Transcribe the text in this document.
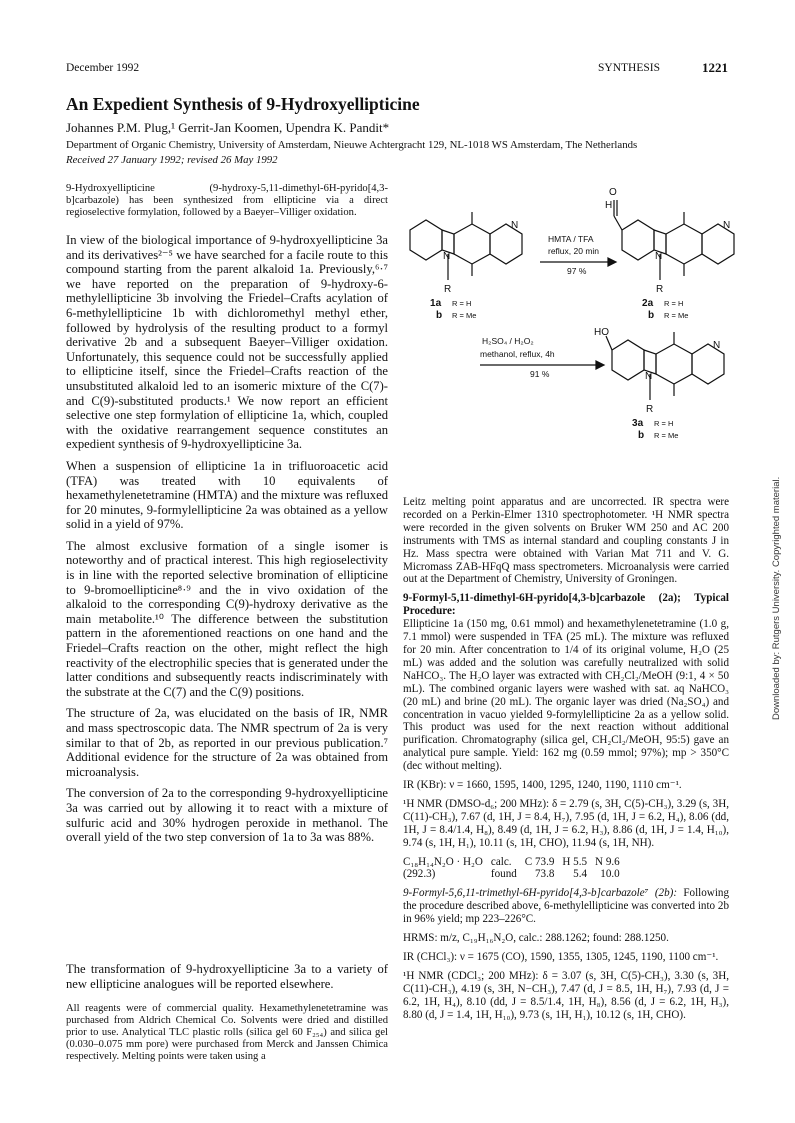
December 1992	SYNTHESIS	1221
An Expedient Synthesis of 9-Hydroxyellipticine
Johannes P.M. Plug,¹ Gerrit-Jan Koomen, Upendra K. Pandit*
Department of Organic Chemistry, University of Amsterdam, Nieuwe Achtergracht 129, NL-1018 WS Amsterdam, The Netherlands
Received 27 January 1992; revised 26 May 1992
9-Hydroxyellipticine (9-hydroxy-5,11-dimethyl-6H-pyrido[4,3-b]carbazole) has been synthesized from ellipticine via a direct regioselective formylation, followed by a Baeyer–Villiger oxidation.

In view of the biological importance of 9-hydroxyellipticine 3a and its derivatives²⁻⁵ we have searched for a facile route to this compound starting from the parent alkaloid 1a. Previously,⁶·⁷ we have reported on the preparation of 9-hydroxy-6-methylellipticine 3b involving the Friedel–Crafts acylation of 6-methylellipticine 1b with dichloromethyl methyl ether, followed by hydrolysis of the resulting product to a formyl derivative 2b and a subsequent Baeyer–Villiger oxidation. Unfortunately, this sequence could not be successfully applied to ellipticine itself, since the Friedel–Crafts reaction of the unsubstituted alkaloid led to an isomeric mixture of the C(7)- and C(9)-substituted products.¹ We now report an efficient selective one step formylation of ellipticine 1a, which, coupled with the oxidative rearrangement sequence constitutes an expedient synthesis of 9-hydroxyellipticine 3a.

When a suspension of ellipticine 1a in trifluoroacetic acid (TFA) was treated with 10 equivalents of hexamethylenetetramine (HMTA) and the mixture was refluxed for 20 minutes, 9-formylellipticine 2a was obtained as a yellow solid in a yield of 97%.

The almost exclusive formation of a single isomer is noteworthy and of practical interest. This high regioselectivity is in line with the reported selective bromination of ellipticine to 9-bromoellipticine⁸·⁹ and the in vivo oxidation of the alkaloid to the corresponding C(9)-hydroxy derivative as the main metabolite.¹⁰ The difference between the substitution pattern in the aforementioned reactions on one hand and the Friedel–Crafts reaction on the other, might reflect the high reactivity of the electrophilic species that is generated under the latter conditions and subsequently reacts indiscriminately with the substrate at the C(7) and the C(9) positions.

The structure of 2a, was elucidated on the basis of IR, NMR and mass spectroscopic data. The NMR spectrum of 2a is very similar to that of 2b, as reported in our previous publication.⁷ Additional evidence for the structure of 2a was obtained from microanalysis.

The conversion of 2a to the corresponding 9-hydroxyellipticine 3a was carried out by allowing it to react with a mixture of sulfuric acid and 30% hydrogen peroxide in methanol. The overall yield of the two step conversion of 1a to 3a was 88%.

The transformation of 9-hydroxyellipticine 3a to a variety of new ellipticine analogues will be reported elsewhere.
All reagents were of commercial quality. Hexamethylenetetramine was purchased from Aldrich Chemical Co. Solvents were dried and distilled prior to use. Analytical TLC plastic rolls (silica gel 60 F₂₅₄) and silica gel (0.030–0.075 mm pore) were purchased from Merck and Janssen Chimica respectively. Melting points were taken using a
N
N
R
N
N
R
H
O
N
N
R
HO
HMTA / TFA
reflux, 20 min
97 %
H₂SO₄ / H₂O₂
methanol, reflux, 4h
91 %
1a R = H
b R = Me
2a R = H
b R = Me
3a R = H
b R = Me

Leitz melting point apparatus and are uncorrected. IR spectra were recorded on a Perkin-Elmer 1310 spectrophotometer. ¹H NMR spectra were recorded in the given solvents on Bruker WM 250 and AC 200 instruments with TMS as internal standard and coupling constants J in Hz. Mass spectra were obtained with Varian Mat 711 and V. G. Micromass ZAB-HFqQ mass spectrometers. Microanalysis were carried out at the Department of Chemistry, University of Groningen.

9-Formyl-5,11-dimethyl-6H-pyrido[4,3-b]carbazole (2a); Typical Procedure:

Ellipticine 1a (150 mg, 0.61 mmol) and hexamethylenetetramine (1.0 g, 7.1 mmol) were suspended in TFA (25 mL). The mixture was refluxed for 20 min. After concentration to 1/4 of its original volume, H₂O (25 mL) was added and the solution was carefully neutralized with solid NaHCO₃. The H₂O layer was extracted with CH₂Cl₂/MeOH (9:1, 4 × 50 mL). The combined organic layers were washed with sat. aq NaHCO₃ (20 mL) and brine (20 mL). The organic layer was dried (Na₂SO₄) and concentration in vacuo yielded 9-formylellipticine 2a as a yellow solid. This product was used for the next reaction without additional purification. Chromatography (silica gel, CH₂Cl₂/MeOH, 95:5) gave an analytical pure sample. Yield: 162 mg (0.59 mmol; 97%); mp > 350°C (dec without melting).

IR (KBr): ν = 1660, 1595, 1400, 1295, 1240, 1190, 1110 cm⁻¹.

¹H NMR (DMSO-d₆; 200 MHz): δ = 2.79 (s, 3H, C(5)-CH₃), 3.29 (s, 3H, C(11)-CH₃), 7.67 (d, 1H, J = 8.4, H₇), 7.95 (d, 1H, J = 6.2, H₄), 8.06 (dd, 1H, J = 8.4/1.4, H₈), 8.49 (d, 1H, J = 6.2, H₃), 8.86 (d, 1H, J = 1.4, H₁₀), 9.74 (s, 1H, H₁), 10.11 (s, 1H, CHO), 11.94 (s, 1H, NH).

C₁₈H₁₄N₂O · H₂O	calc.	C 73.9	H 5.5	N 9.6
(292.3)	found	73.8	5.4	10.0

9-Formyl-5,6,11-trimethyl-6H-pyrido[4,3-b]carbazole⁷ (2b): Following the procedure described above, 6-methylellipticine was converted into 2b in 96% yield; mp 223–226°C.

HRMS: m/z, C₁₉H₁₆N₂O, calc.: 288.1262; found: 288.1250.

IR (CHCl₃): ν = 1675 (CO), 1590, 1355, 1305, 1245, 1190, 1100 cm⁻¹.

¹H NMR (CDCl₃; 200 MHz): δ = 3.07 (s, 3H, C(5)-CH₃), 3.30 (s, 3H, C(11)-CH₃), 4.19 (s, 3H, N−CH₃), 7.47 (d, J = 8.5, 1H, H₇), 7.93 (d, J = 6.2, 1H, H₄), 8.10 (dd, J = 8.5/1.4, 1H, H₈), 8.56 (d, J = 6.2, 1H, H₃), 8.80 (d, J = 1.4, 1H, H₁₀), 9.73 (s, 1H, H₁), 10.12 (s, 1H, CHO).

Downloaded by: Rutgers University. Copyrighted material.
